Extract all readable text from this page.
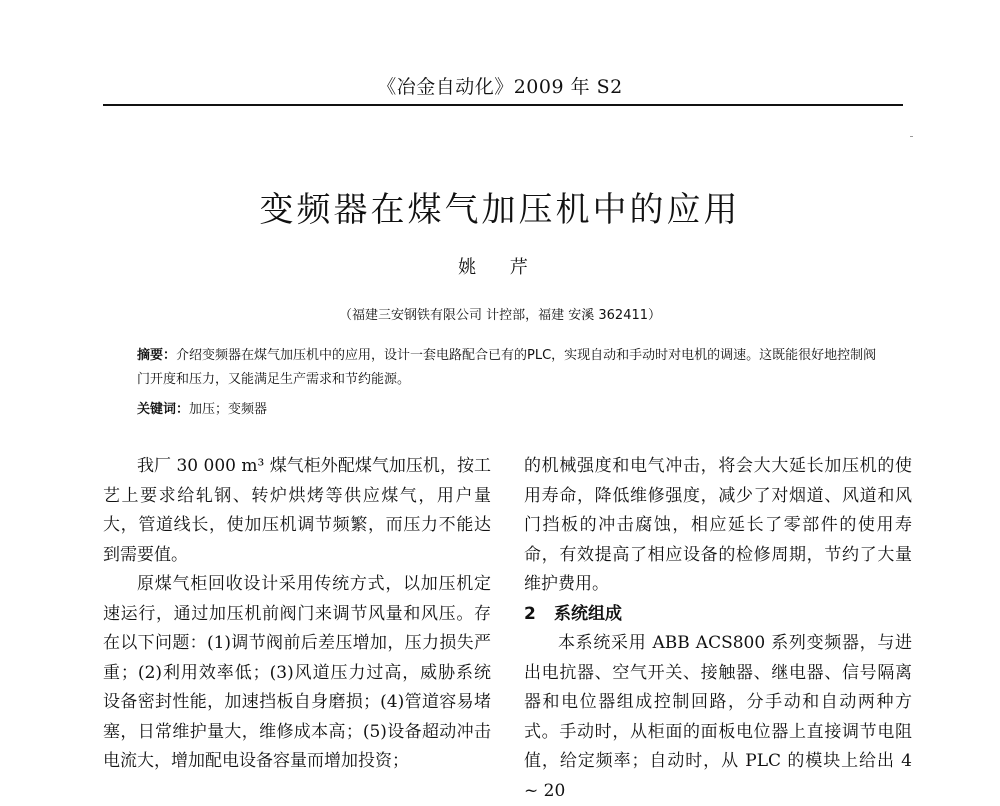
《冶金自动化》2009 年 S2
变频器在煤气加压机中的应用
姚 芹
（福建三安钢铁有限公司 计控部，福建 安溪 362411）
摘要：介绍变频器在煤气加压机中的应用，设计一套电路配合已有的PLC，实现自动和手动时对电机的调速。这既能很好地控制阀门开度和压力，又能满足生产需求和节约能源。
关键词：加压；变频器

我厂 30 000 m³ 煤气柜外配煤气加压机，按工艺上要求给轧钢、转炉烘烤等供应煤气，用户量大，管道线长，使加压机调节频繁，而压力不能达到需要值。

原煤气柜回收设计采用传统方式，以加压机定速运行，通过加压机前阀门来调节风量和风压。存在以下问题：(1)调节阀前后差压增加，压力损失严重；(2)利用效率低；(3)风道压力过高，威胁系统设备密封性能，加速挡板自身磨损；(4)管道容易堵塞，日常维护量大，维修成本高；(5)设备超动冲击电流大，增加配电设备容量而增加投资；

的机械强度和电气冲击，将会大大延长加压机的使用寿命，降低维修强度，减少了对烟道、风道和风门挡板的冲击腐蚀，相应延长了零部件的使用寿命，有效提高了相应设备的检修周期，节约了大量维护费用。

2 系统组成

本系统采用 ABB ACS800 系列变频器，与进出电抗器、空气开关、接触器、继电器、信号隔离器和电位器组成控制回路，分手动和自动两种方式。手动时，从柜面的面板电位器上直接调节电阻值，给定频率；自动时，从 PLC 的模块上给出 4 ~ 20
